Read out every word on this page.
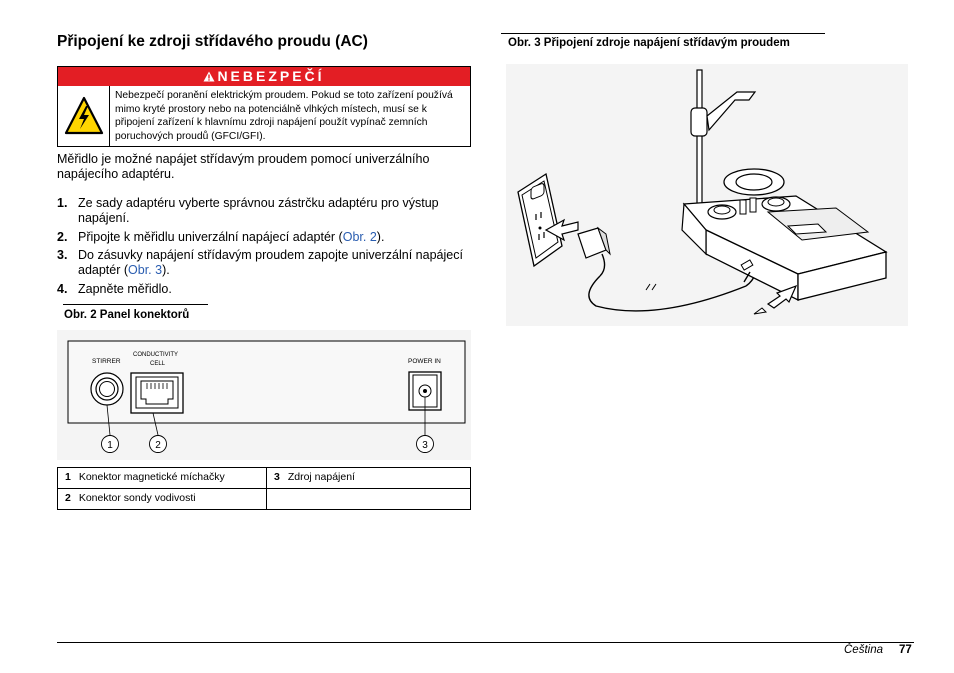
Připojení ke zdroji střídavého proudu (AC)
NEBEZPEČÍ
Nebezpečí poranění elektrickým proudem. Pokud se toto zařízení používá mimo kryté prostory nebo na potenciálně vlhkých místech, musí se k připojení zařízení k hlavnímu zdroji napájení použít vypínač zemních poruchových proudů (GFCI/GFI).
Měřidlo je možné napájet střídavým proudem pomocí univerzálního napájecího adaptéru.
1. Ze sady adaptéru vyberte správnou zástrčku adaptéru pro výstup napájení.
2. Připojte k měřidlu univerzální napájecí adaptér (Obr. 2).
3. Do zásuvky napájení střídavým proudem zapojte univerzální napájecí adaptér (Obr. 3).
4. Zapněte měřidlo.
Obr. 2 Panel konektorů
STIRRER
CONDUCTIVITY
CELL	POWER IN
1	2	3
1 Konektor magnetické míchačky	3 Zdroj napájení
2 Konektor sondy vodivosti	
Obr. 3 Připojení zdroje napájení střídavým proudem
Čeština 77
